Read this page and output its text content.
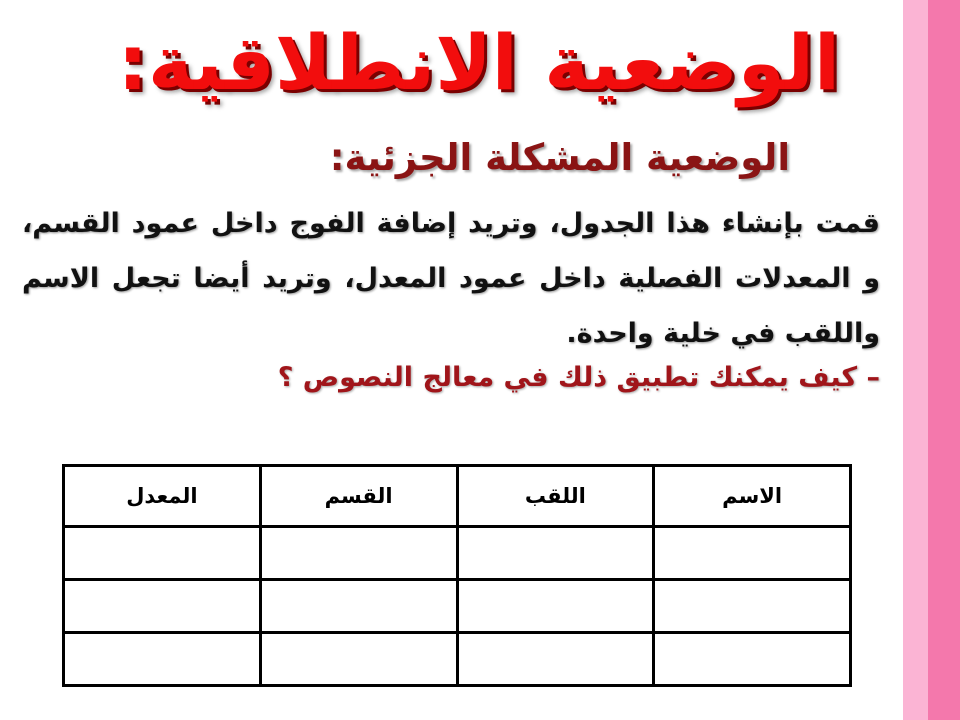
الوضعية الانطلاقية:
الوضعية المشكلة الجزئية:
قمت بإنشاء هذا الجدول، وتريد إضافة الفوج داخل عمود القسم، و المعدلات الفصلية داخل عمود المعدل، وتريد أيضا تجعل الاسم واللقب في خلية واحدة.
– كيف يمكنك تطبيق ذلك في معالج النصوص ؟
الاسم	اللقب	القسم	المعدل
